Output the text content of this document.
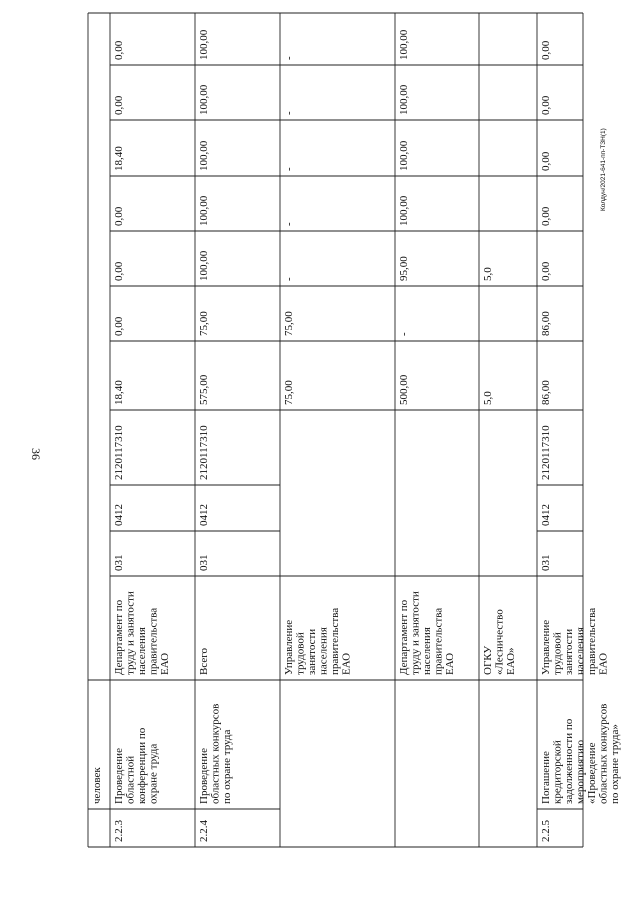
36
Колдун/2021-641-пп-ТЗН(1)
человек
2.2.3
Проведение областной конференции по охране труда
Департамент по труду и занятости населения правительства ЕАО
031
0412
2120117310
18,40
0,00
0,00
0,00
18,40
0,00
0,00
2.2.4
Проведение областных конкурсов по охране труда
Всего
031
0412
2120117310
575,00
75,00
100,00
100,00
100,00
100,00
100,00
Управление трудовой занятости населения правительства ЕАО
75,00
75,00
-
-
-
-
-
Департамент по труду и занятости населения правительства ЕАО
500,00
-
95,00
100,00
100,00
100,00
100,00
ОГКУ «Лесничество ЕАО»
5,0
5,0
2.2.5
Погашение кредиторской задолженности по мероприятию «Проведение областных конкурсов по охране труда»
Управление трудовой занятости населения правительства ЕАО
031
0412
2120117310
86,00
86,00
0,00
0,00
0,00
0,00
0,00
